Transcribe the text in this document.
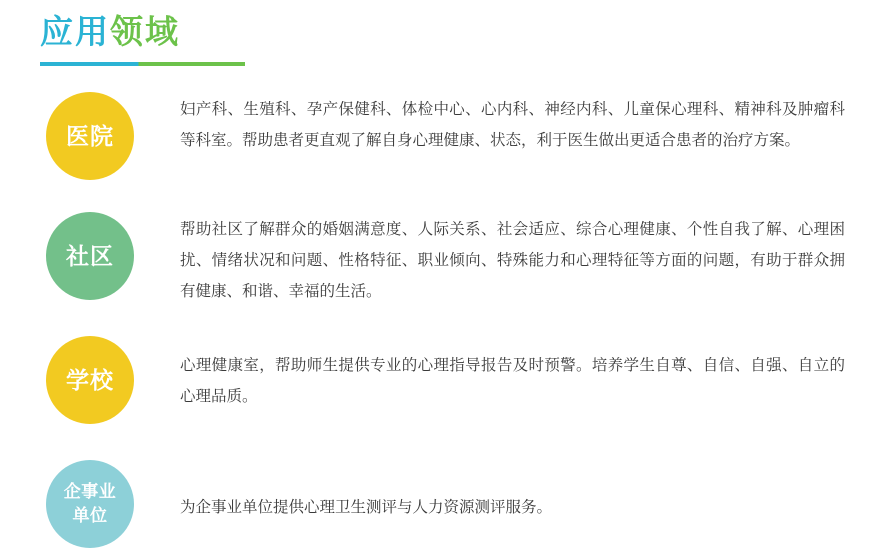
应用领域
医院
妇产科、生殖科、孕产保健科、体检中心、心内科、神经内科、儿童保心理科、精神科及肿瘤科等科室。帮助患者更直观了解自身心理健康、状态，利于医生做出更适合患者的治疗方案。
社区
帮助社区了解群众的婚姻满意度、人际关系、社会适应、综合心理健康、个性自我了解、心理困扰、情绪状况和问题、性格特征、职业倾向、特殊能力和心理特征等方面的问题，有助于群众拥有健康、和谐、幸福的生活。
学校
心理健康室，帮助师生提供专业的心理指导报告及时预警。培养学生自尊、自信、自强、自立的心理品质。
企事业
单位	为企事业单位提供心理卫生测评与人力资源测评服务。
